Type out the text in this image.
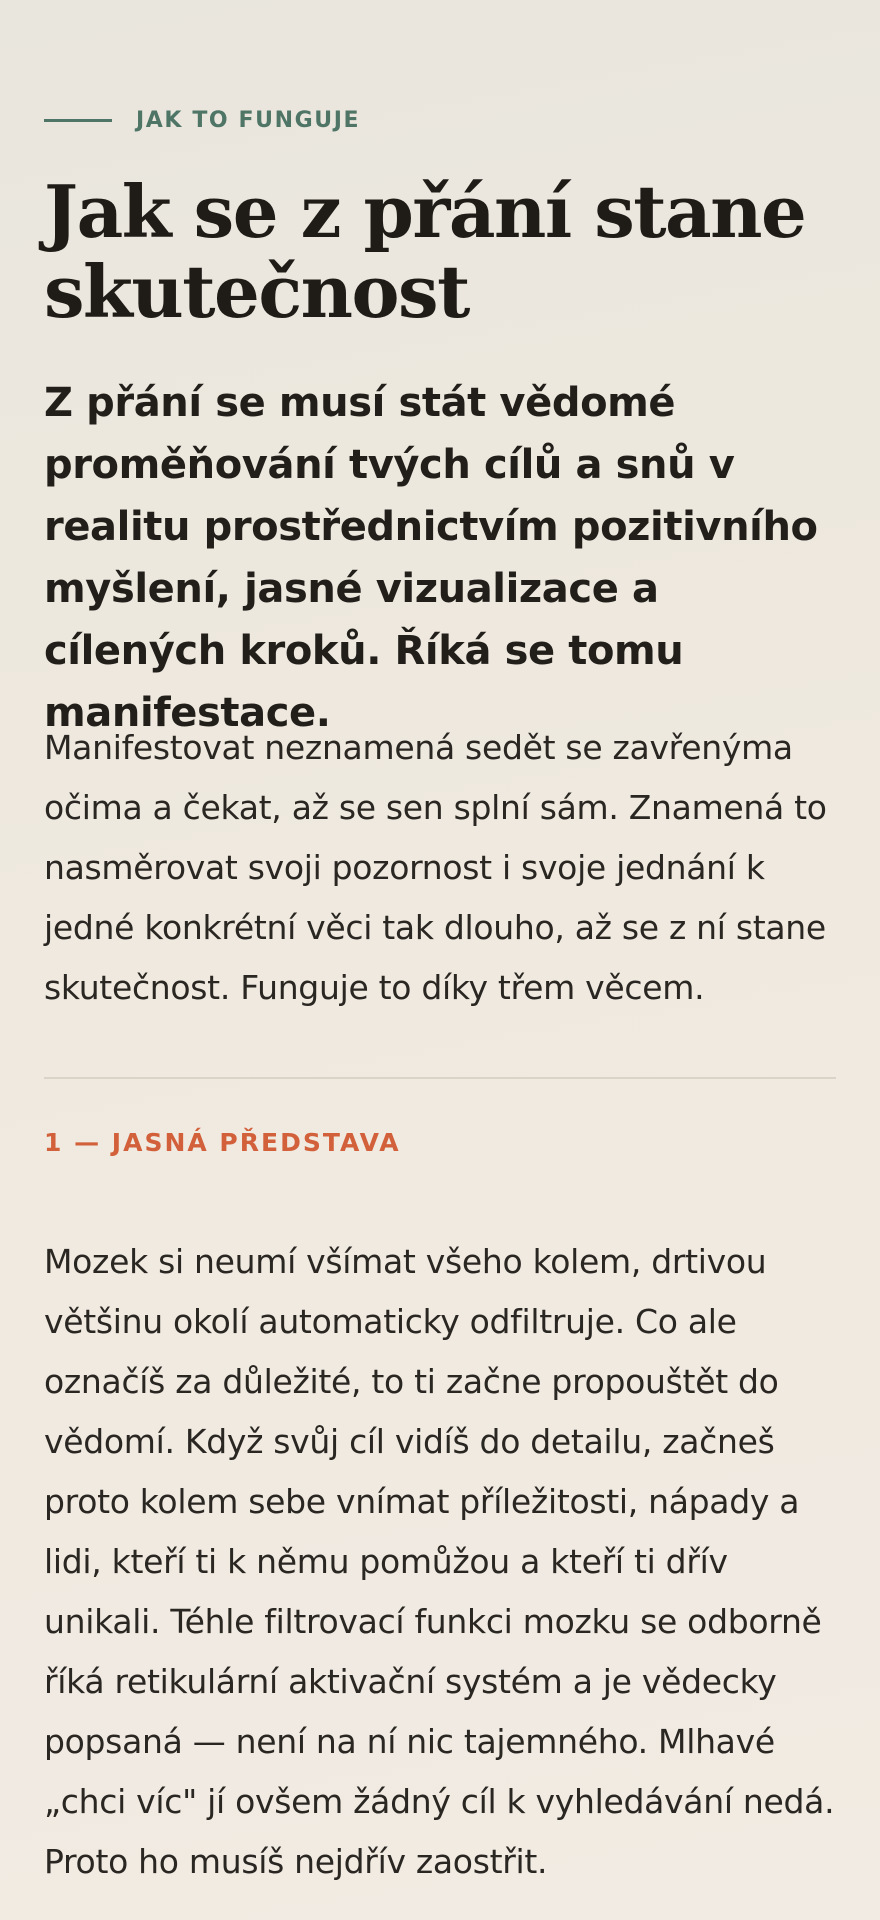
JAK TO FUNGUJE
Jak se z přání stane skutečnost

Z přání se musí stát vědomé proměňování tvých cílů a snů v realitu prostřednictvím pozitivního myšlení, jasné vizualizace a cílených kroků. Říká se tomu manifestace.

Manifestovat neznamená sedět se zavřenýma očima a čekat, až se sen splní sám. Znamená to nasměrovat svoji pozornost i svoje jednání k jedné konkrétní věci tak dlouho, až se z ní stane skutečnost. Funguje to díky třem věcem.

1 — JASNÁ PŘEDSTAVA

Mozek si neumí všímat všeho kolem, drtivou většinu okolí automaticky odfiltruje. Co ale označíš za důležité, to ti začne propouštět do vědomí. Když svůj cíl vidíš do detailu, začneš proto kolem sebe vnímat příležitosti, nápady a lidi, kteří ti k němu pomůžou a kteří ti dřív unikali. Téhle filtrovací funkci mozku se odborně říká retikulární aktivační systém a je vědecky popsaná — není na ní nic tajemného. Mlhavé „chci víc" jí ovšem žádný cíl k vyhledávání nedá. Proto ho musíš nejdřív zaostřit.
